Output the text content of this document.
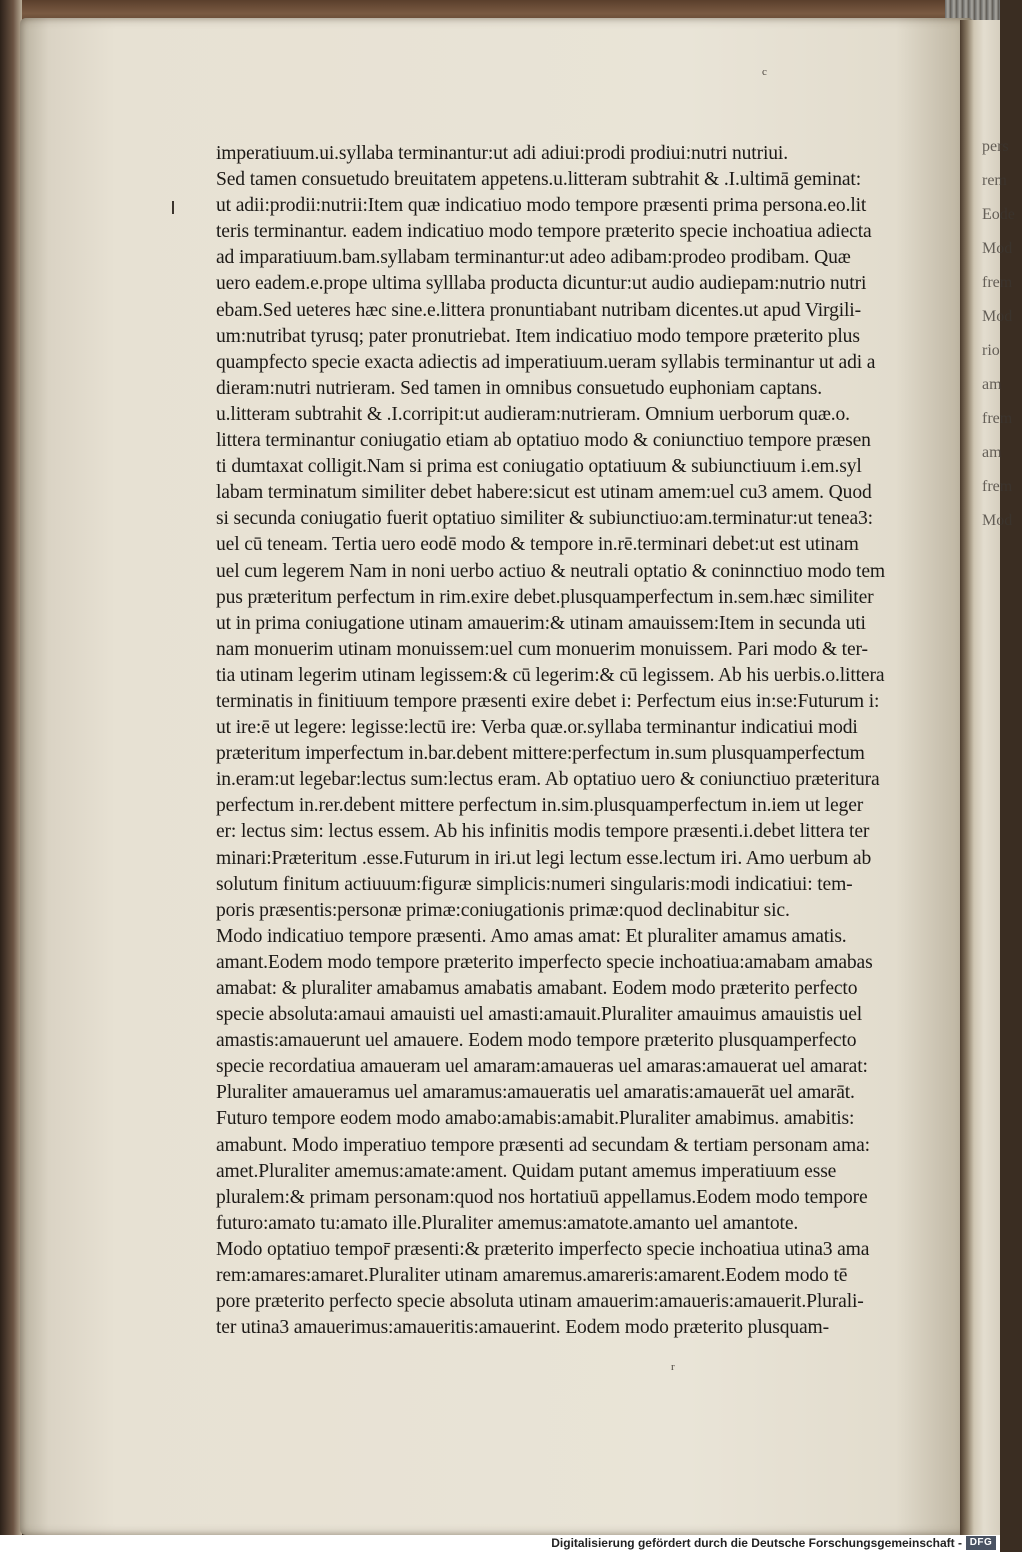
pers
rem
Eode
Mod
frem
Mod
rio
am
frem
am
frem
Mod
c
r
imperatiuum.ui.syllaba terminantur:ut adi adiui:prodi prodiui:nutri nutriui.
Sed tamen consuetudo breuitatem appetens.u.litteram subtrahit & .I.ultimā geminat:
ut adii:prodii:nutrii:Item quæ indicatiuo modo tempore præsenti prima persona.eo.lit
teris terminantur. eadem indicatiuo modo tempore præterito specie inchoatiua adiecta
ad imparatiuum.bam.syllabam terminantur:ut adeo adibam:prodeo prodibam. Quæ
uero eadem.e.prope ultima sylllaba producta dicuntur:ut audio audiepam:nutrio nutri
ebam.Sed ueteres hæc sine.e.littera pronuntiabant nutribam dicentes.ut apud Virgili-
um:nutribat tyrusq; pater pronutriebat. Item indicatiuo modo tempore præterito plus
quampfecto specie exacta adiectis ad imperatiuum.ueram syllabis terminantur ut adi a
dieram:nutri nutrieram. Sed tamen in omnibus consuetudo euphoniam captans.
u.litteram subtrahit & .I.corripit:ut audieram:nutrieram. Omnium uerborum quæ.o.
littera terminantur coniugatio etiam ab optatiuo modo & coniunctiuo tempore præsen
ti dumtaxat colligit.Nam si prima est coniugatio optatiuum & subiunctiuum i.em.syl
labam terminatum similiter debet habere:sicut est utinam amem:uel cu3 amem. Quod
si secunda coniugatio fuerit optatiuo similiter & subiunctiuo:am.terminatur:ut tenea3:
uel cū teneam. Tertia uero eodē modo & tempore in.rē.terminari debet:ut est utinam
uel cum legerem Nam in noni uerbo actiuo & neutrali optatio & coninnctiuo modo tem
pus præteritum perfectum in rim.exire debet.plusquamperfectum in.sem.hæc similiter
ut in prima coniugatione utinam amauerim:& utinam amauissem:Item in secunda uti
nam monuerim utinam monuissem:uel cum monuerim monuissem. Pari modo & ter-
tia utinam legerim utinam legissem:& cū legerim:& cū legissem. Ab his uerbis.o.littera
terminatis in finitiuum tempore præsenti exire debet i: Perfectum eius in:se:Futurum i:
ut ire:ē ut legere: legisse:lectū ire: Verba quæ.or.syllaba terminantur indicatiui modi
præteritum imperfectum in.bar.debent mittere:perfectum in.sum plusquamperfectum
in.eram:ut legebar:lectus sum:lectus eram. Ab optatiuo uero & coniunctiuo præteritura
perfectum in.rer.debent mittere perfectum in.sim.plusquamperfectum in.iem ut leger
er: lectus sim: lectus essem. Ab his infinitis modis tempore præsenti.i.debet littera ter
minari:Præteritum .esse.Futurum in iri.ut legi lectum esse.lectum iri. Amo uerbum ab
solutum finitum actiuuum:figuræ simplicis:numeri singularis:modi indicatiui: tem-
poris præsentis:personæ primæ:coniugationis primæ:quod declinabitur sic.
Modo indicatiuo tempore præsenti. Amo amas amat: Et pluraliter amamus amatis.
amant.Eodem modo tempore præterito imperfecto specie inchoatiua:amabam amabas
amabat: & pluraliter amabamus amabatis amabant. Eodem modo præterito perfecto
specie absoluta:amaui amauisti uel amasti:amauit.Pluraliter amauimus amauistis uel
amastis:amauerunt uel amauere. Eodem modo tempore præterito plusquamperfecto
specie recordatiua amaueram uel amaram:amaueras uel amaras:amauerat uel amarat:
Pluraliter amaueramus uel amaramus:amaueratis uel amaratis:amauerāt uel amarāt.
Futuro tempore eodem modo amabo:amabis:amabit.Pluraliter amabimus. amabitis:
amabunt. Modo imperatiuo tempore præsenti ad secundam & tertiam personam ama:
amet.Pluraliter amemus:amate:ament. Quidam putant amemus imperatiuum esse
pluralem:& primam personam:quod nos hortatiuū appellamus.Eodem modo tempore
futuro:amato tu:amato ille.Pluraliter amemus:amatote.amanto uel amantote.
Modo optatiuo tempor̄ præsenti:& præterito imperfecto specie inchoatiua utina3 ama
rem:amares:amaret.Pluraliter utinam amaremus.amareris:amarent.Eodem modo tē
pore præterito perfecto specie absoluta utinam amauerim:amaueris:amauerit.Plurali-
ter utina3 amauerimus:amaueritis:amauerint. Eodem modo præterito plusquam-
Digitalisierung gefördert durch die Deutsche Forschungsgemeinschaft - DFG
